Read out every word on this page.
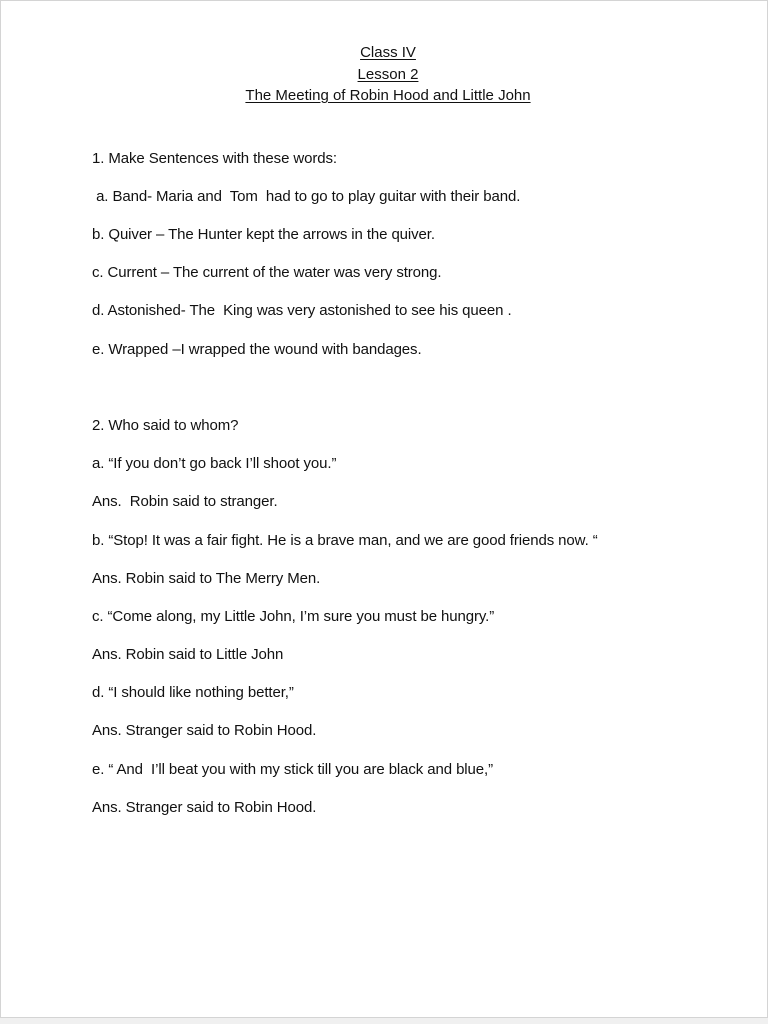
Class IV
Lesson 2
The Meeting of Robin Hood and Little John
1. Make Sentences with these words:
a. Band- Maria and  Tom  had to go to play guitar with their band.
b. Quiver – The Hunter kept the arrows in the quiver.
c. Current – The current of the water was very strong.
d. Astonished- The  King was very astonished to see his queen .
e. Wrapped –I wrapped the wound with bandages.
2. Who said to whom?
a. “If you don’t go back I’ll shoot you.”
Ans.  Robin said to stranger.
b. “Stop! It was a fair fight. He is a brave man, and we are good friends now. “
Ans. Robin said to The Merry Men.
c. “Come along, my Little John, I’m sure you must be hungry.”
Ans. Robin said to Little John
d. “I should like nothing better,”
Ans. Stranger said to Robin Hood.
e. “ And  I’ll beat you with my stick till you are black and blue,”
Ans. Stranger said to Robin Hood.
